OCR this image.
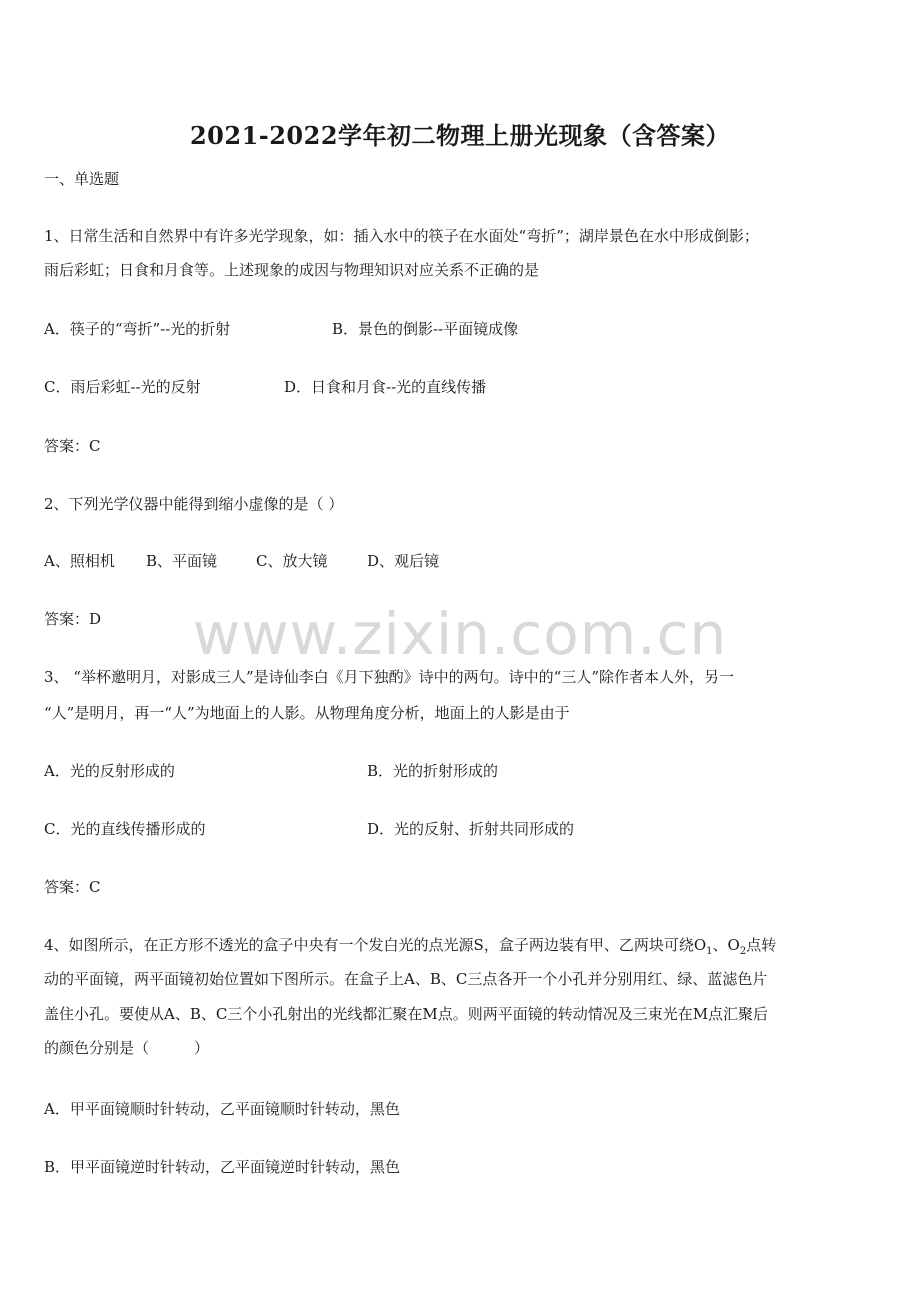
www.zixin.com.cn
2021-2022学年初二物理上册光现象（含答案）
一、单选题
1、日常生活和自然界中有许多光学现象，如：插入水中的筷子在水面处“弯折”；湖岸景色在水中形成倒影；
雨后彩虹；日食和月食等。上述现象的成因与物理知识对应关系不正确的是
A．筷子的“弯折”--光的折射	B．景色的倒影--平面镜成像
C．雨后彩虹--光的反射	D．日食和月食--光的直线传播
答案：C
2、下列光学仪器中能得到缩小虚像的是（ ）
A、照相机 B、平面镜	C、放大镜	D、观后镜
答案：D
3、 “举杯邀明月，对影成三人”是诗仙李白《月下独酌》诗中的两句。诗中的“三人”除作者本人外，另一
“人”是明月，再一“人”为地面上的人影。从物理角度分析，地面上的人影是由于
A．光的反射形成的	B．光的折射形成的
C．光的直线传播形成的	D．光的反射、折射共同形成的
答案：C
4、如图所示，在正方形不透光的盒子中央有一个发白光的点光源S，盒子两边装有甲、乙两块可绕$O_1$、$O_2$点转
动的平面镜，两平面镜初始位置如下图所示。在盒子上A、B、C三点各开一个小孔并分别用红、绿、蓝滤色片
盖住小孔。要使从A、B、C三个小孔射出的光线都汇聚在M点。则两平面镜的转动情况及三束光在M点汇聚后
的颜色分别是（　　　）
A．甲平面镜顺时针转动，乙平面镜顺时针转动，黑色
B．甲平面镜逆时针转动，乙平面镜逆时针转动，黑色
